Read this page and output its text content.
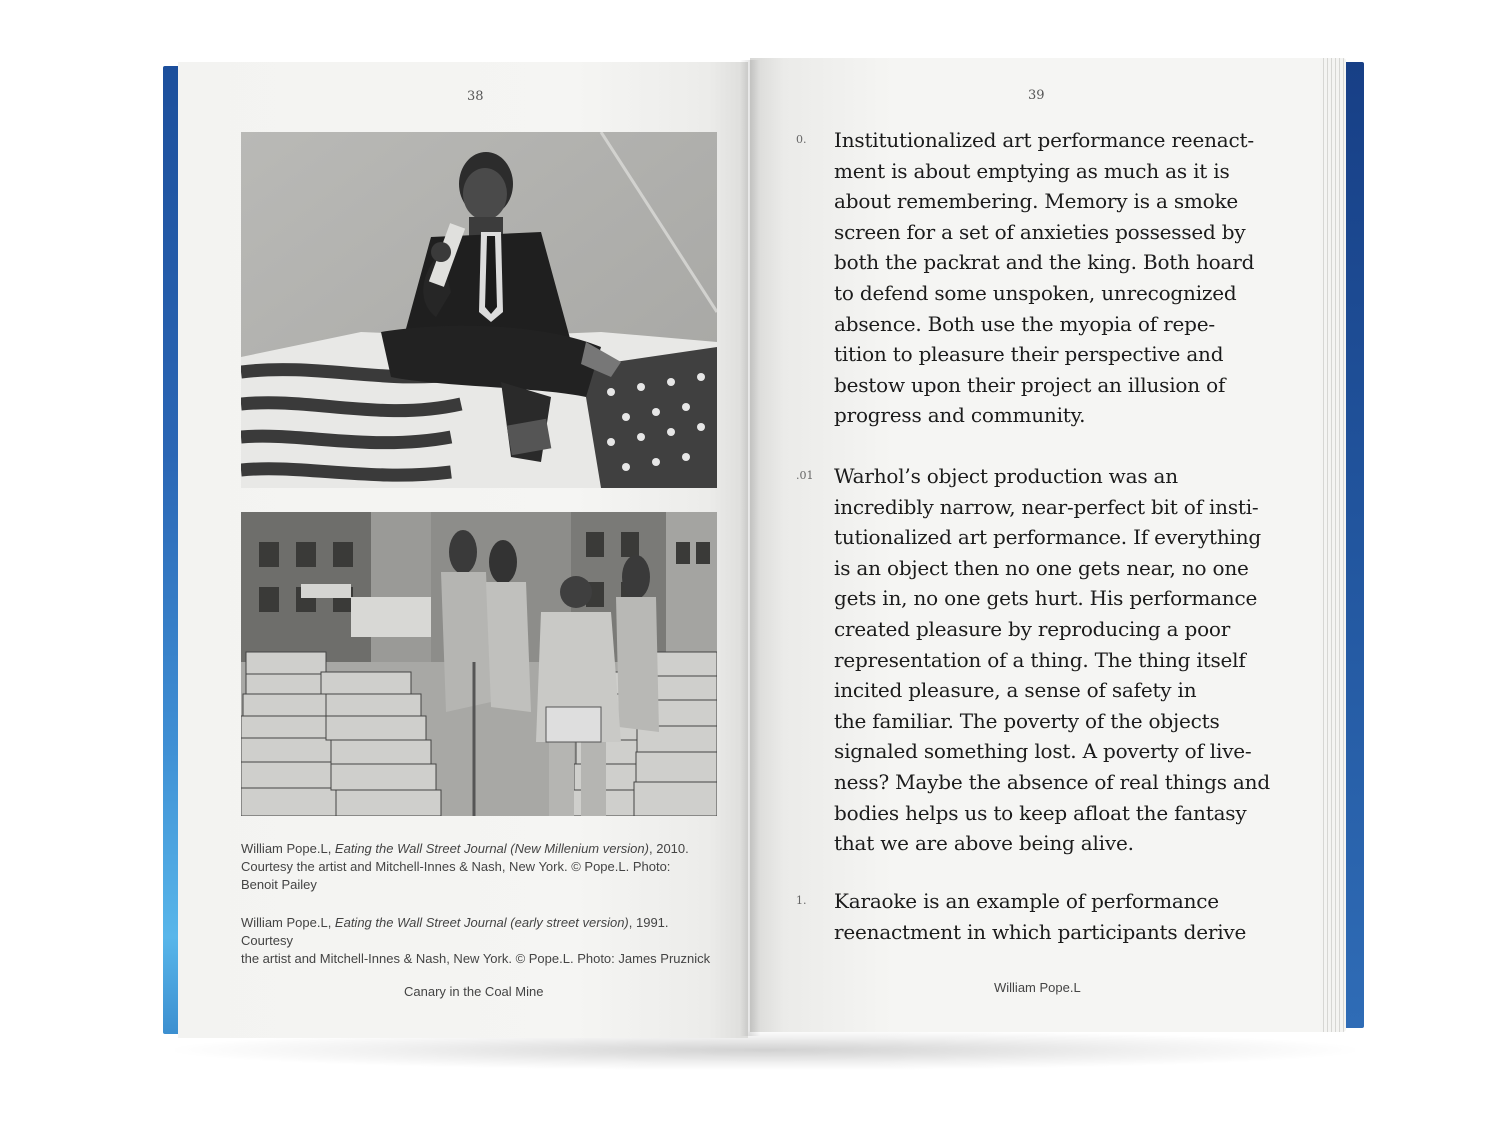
38
William Pope.L, Eating the Wall Street Journal (New Millenium version), 2010.
Courtesy the artist and Mitchell-Innes & Nash, New York. © Pope.L. Photo:
Benoit Pailey
William Pope.L, Eating the Wall Street Journal (early street version), 1991. Courtesy
the artist and Mitchell-Innes & Nash, New York. © Pope.L. Photo: James Pruznick
Canary in the Coal Mine
39
0.	Institutionalized art performance reenact-
ment is about emptying as much as it is
about remembering. Memory is a smoke
screen for a set of anxieties possessed by
both the packrat and the king. Both hoard
to defend some unspoken, unrecognized
absence. Both use the myopia of repe-
tition to pleasure their perspective and
bestow upon their project an illusion of
progress and community.
.01	Warhol’s object production was an
incredibly narrow, near-perfect bit of insti-
tutionalized art performance. If everything
is an object then no one gets near, no one
gets in, no one gets hurt. His performance
created pleasure by reproducing a poor
representation of a thing. The thing itself
incited pleasure, a sense of safety in
the familiar. The poverty of the objects
signaled something lost. A poverty of live-
ness? Maybe the absence of real things and
bodies helps us to keep afloat the fantasy
that we are above being alive.
1.	Karaoke is an example of performance
reenactment in which participants derive
William Pope.L
